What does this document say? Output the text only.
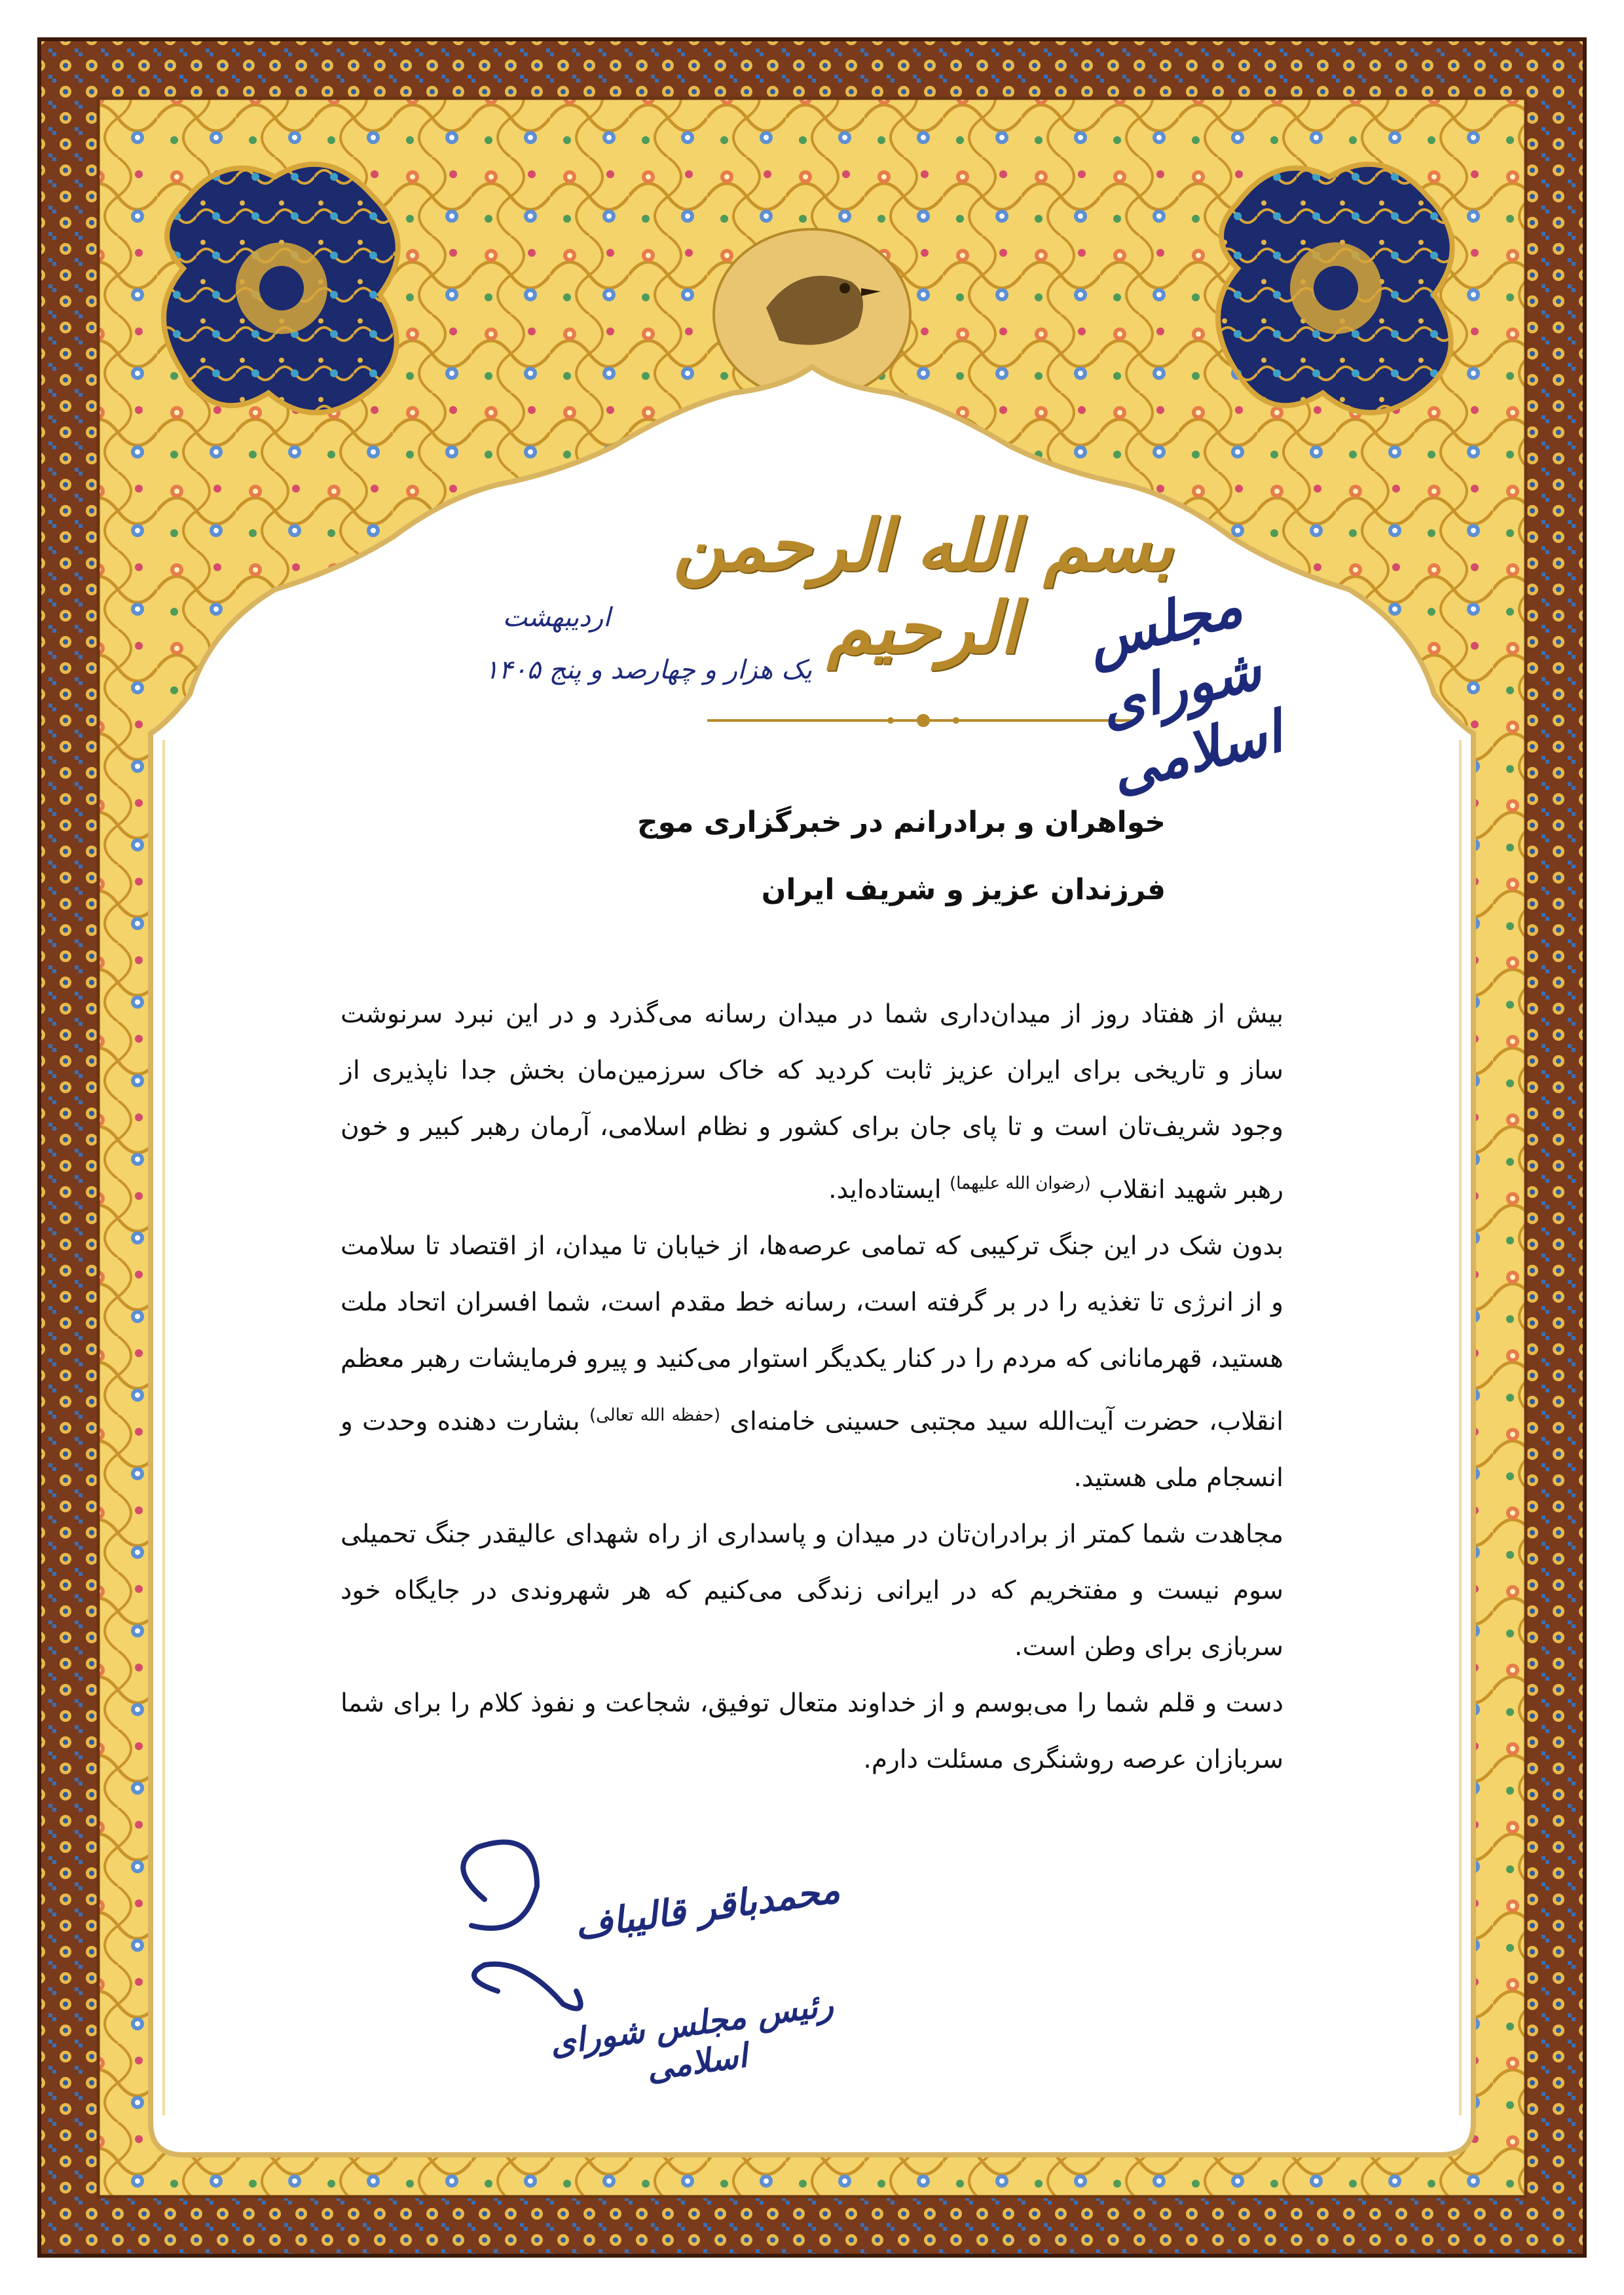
بسم الله الرحمن الرحیم	مجلس شورای اسلامی
اردیبهشت
یک هزار و چهارصد و پنج ۱۴۰۵
خواهران و برادرانم در خبرگزاری موج
فرزندان عزیز و شریف ایران

بیش از هفتاد روز از میدان‌داری شما در میدان رسانه می‌گذرد و در این نبرد سرنوشت ساز و تاریخی برای ایران عزیز ثابت کردید که خاک سرزمین‌مان بخش جدا ناپذیری از وجود شریف‌تان است و تا پای جان برای کشور و نظام اسلامی، آرمان رهبر کبیر و خون رهبر شهید انقلاب $^{(رضوان الله علیهما)}$ ایستاده‌اید.

بدون شک در این جنگ ترکیبی که تمامی عرصه‌ها، از خیابان تا میدان، از اقتصاد تا سلامت و از انرژی تا تغذیه را در بر گرفته است، رسانه خط مقدم است، شما افسران اتحاد ملت هستید، قهرمانانی که مردم را در کنار یکدیگر استوار می‌کنید و پیرو فرمایشات رهبر معظم انقلاب، حضرت آیت‌الله سید مجتبی حسینی خامنه‌ای $^{(حفظه الله تعالی)}$ بشارت دهنده وحدت و انسجام ملی هستید.

مجاهدت شما کمتر از برادران‌تان در میدان و پاسداری از راه شهدای عالیقدر جنگ تحمیلی سوم نیست و مفتخریم که در ایرانی زندگی می‌کنیم که هر شهروندی در جایگاه خود سربازی برای وطن است.

دست و قلم شما را می‌بوسم و از خداوند متعال توفیق، شجاعت و نفوذ کلام را برای شما سربازان عرصه روشنگری مسئلت دارم.

محمدباقر قالیباف
رئیس مجلس شورای اسلامی
